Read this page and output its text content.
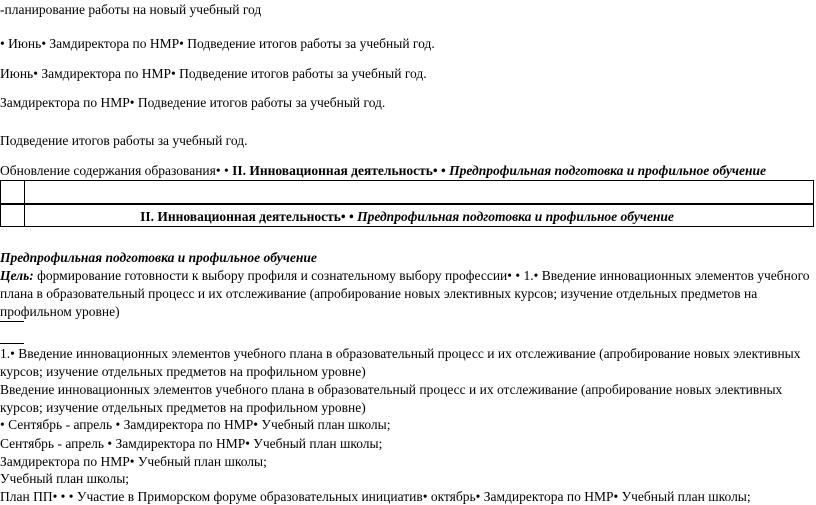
-планирование работы на новый учебный год
• Июнь• Замдиректора по НМР• Подведение итогов работы за учебный год.
Июнь• Замдиректора по НМР• Подведение итогов работы за учебный год.
Замдиректора по НМР• Подведение итогов работы за учебный год.
Подведение итогов работы за учебный год.
Обновление содержания образования• • II. Инновационная деятельность• • Предпрофильная подготовка и профильное обучение
II. Инновационная деятельность• • Предпрофильная подготовка и профильное обучение
Предпрофильная подготовка и профильное обучение
Цель: формирование готовности к выбору профиля и сознательному выбору профессии• • 1.• Введение инновационных элементов учебного плана в образовательный процесс и их отслеживание (апробирование новых элективных курсов; изучение отдельных предметов на профильном уровне)
1.• Введение инновационных элементов учебного плана в образовательный процесс и их отслеживание (апробирование новых элективных курсов; изучение отдельных предметов на профильном уровне)
Введение инновационных элементов учебного плана в образовательный процесс и их отслеживание (апробирование новых элективных курсов; изучение отдельных предметов на профильном уровне)
• Сентябрь - апрель • Замдиректора по НМР• Учебный план школы;
Сентябрь - апрель • Замдиректора по НМР• Учебный план школы;
Замдиректора по НМР• Учебный план школы;
Учебный план школы;
План ПП• • • Участие в Приморском форуме образовательных инициатив• октябрь• Замдиректора по НМР• Учебный план школы;
